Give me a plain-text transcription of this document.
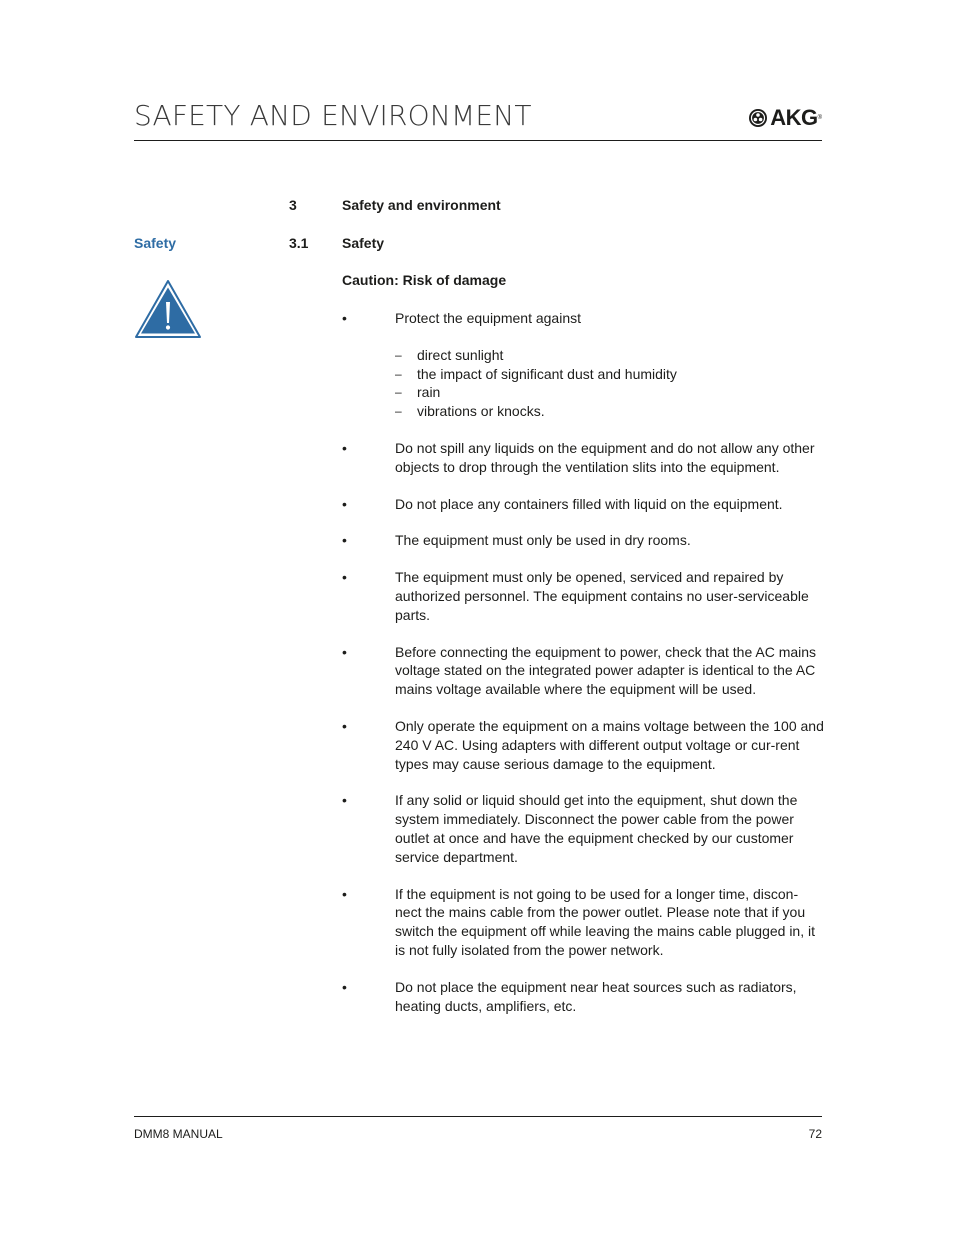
SAFETY AND ENVIRONMENT	AKG ®
3	Safety and environment
Safety	3.1 Safety
Caution: Risk of damage
•	Protect the equipment against
– direct sunlight
– the impact of significant dust and humidity
– rain
– vibrations or knocks.
•	Do not spill any liquids on the equipment and do not allow any other objects to drop through the ventilation slits into the equipment.
•	Do not place any containers filled with liquid on the equipment.
•	The equipment must only be used in dry rooms.
•	The equipment must only be opened, serviced and repaired by authorized personnel. The equipment contains no user-serviceable parts.
•	Before connecting the equipment to power, check that the AC mains voltage stated on the integrated power adapter is identical to the AC mains voltage available where the equipment will be used.
•	Only operate the equipment on a mains voltage between the 100 and 240 V AC. Using adapters with different output voltage or cur-rent types may cause serious damage to the equipment.
•	If any solid or liquid should get into the equipment, shut down the system immediately. Disconnect the power cable from the power outlet at once and have the equipment checked by our customer service department.
•	If the equipment is not going to be used for a longer time, discon-nect the mains cable from the power outlet. Please note that if you switch the equipment off while leaving the mains cable plugged in, it is not fully isolated from the power network.
•	Do not place the equipment near heat sources such as radiators, heating ducts, amplifiers, etc.
DMM8 MANUAL	72
